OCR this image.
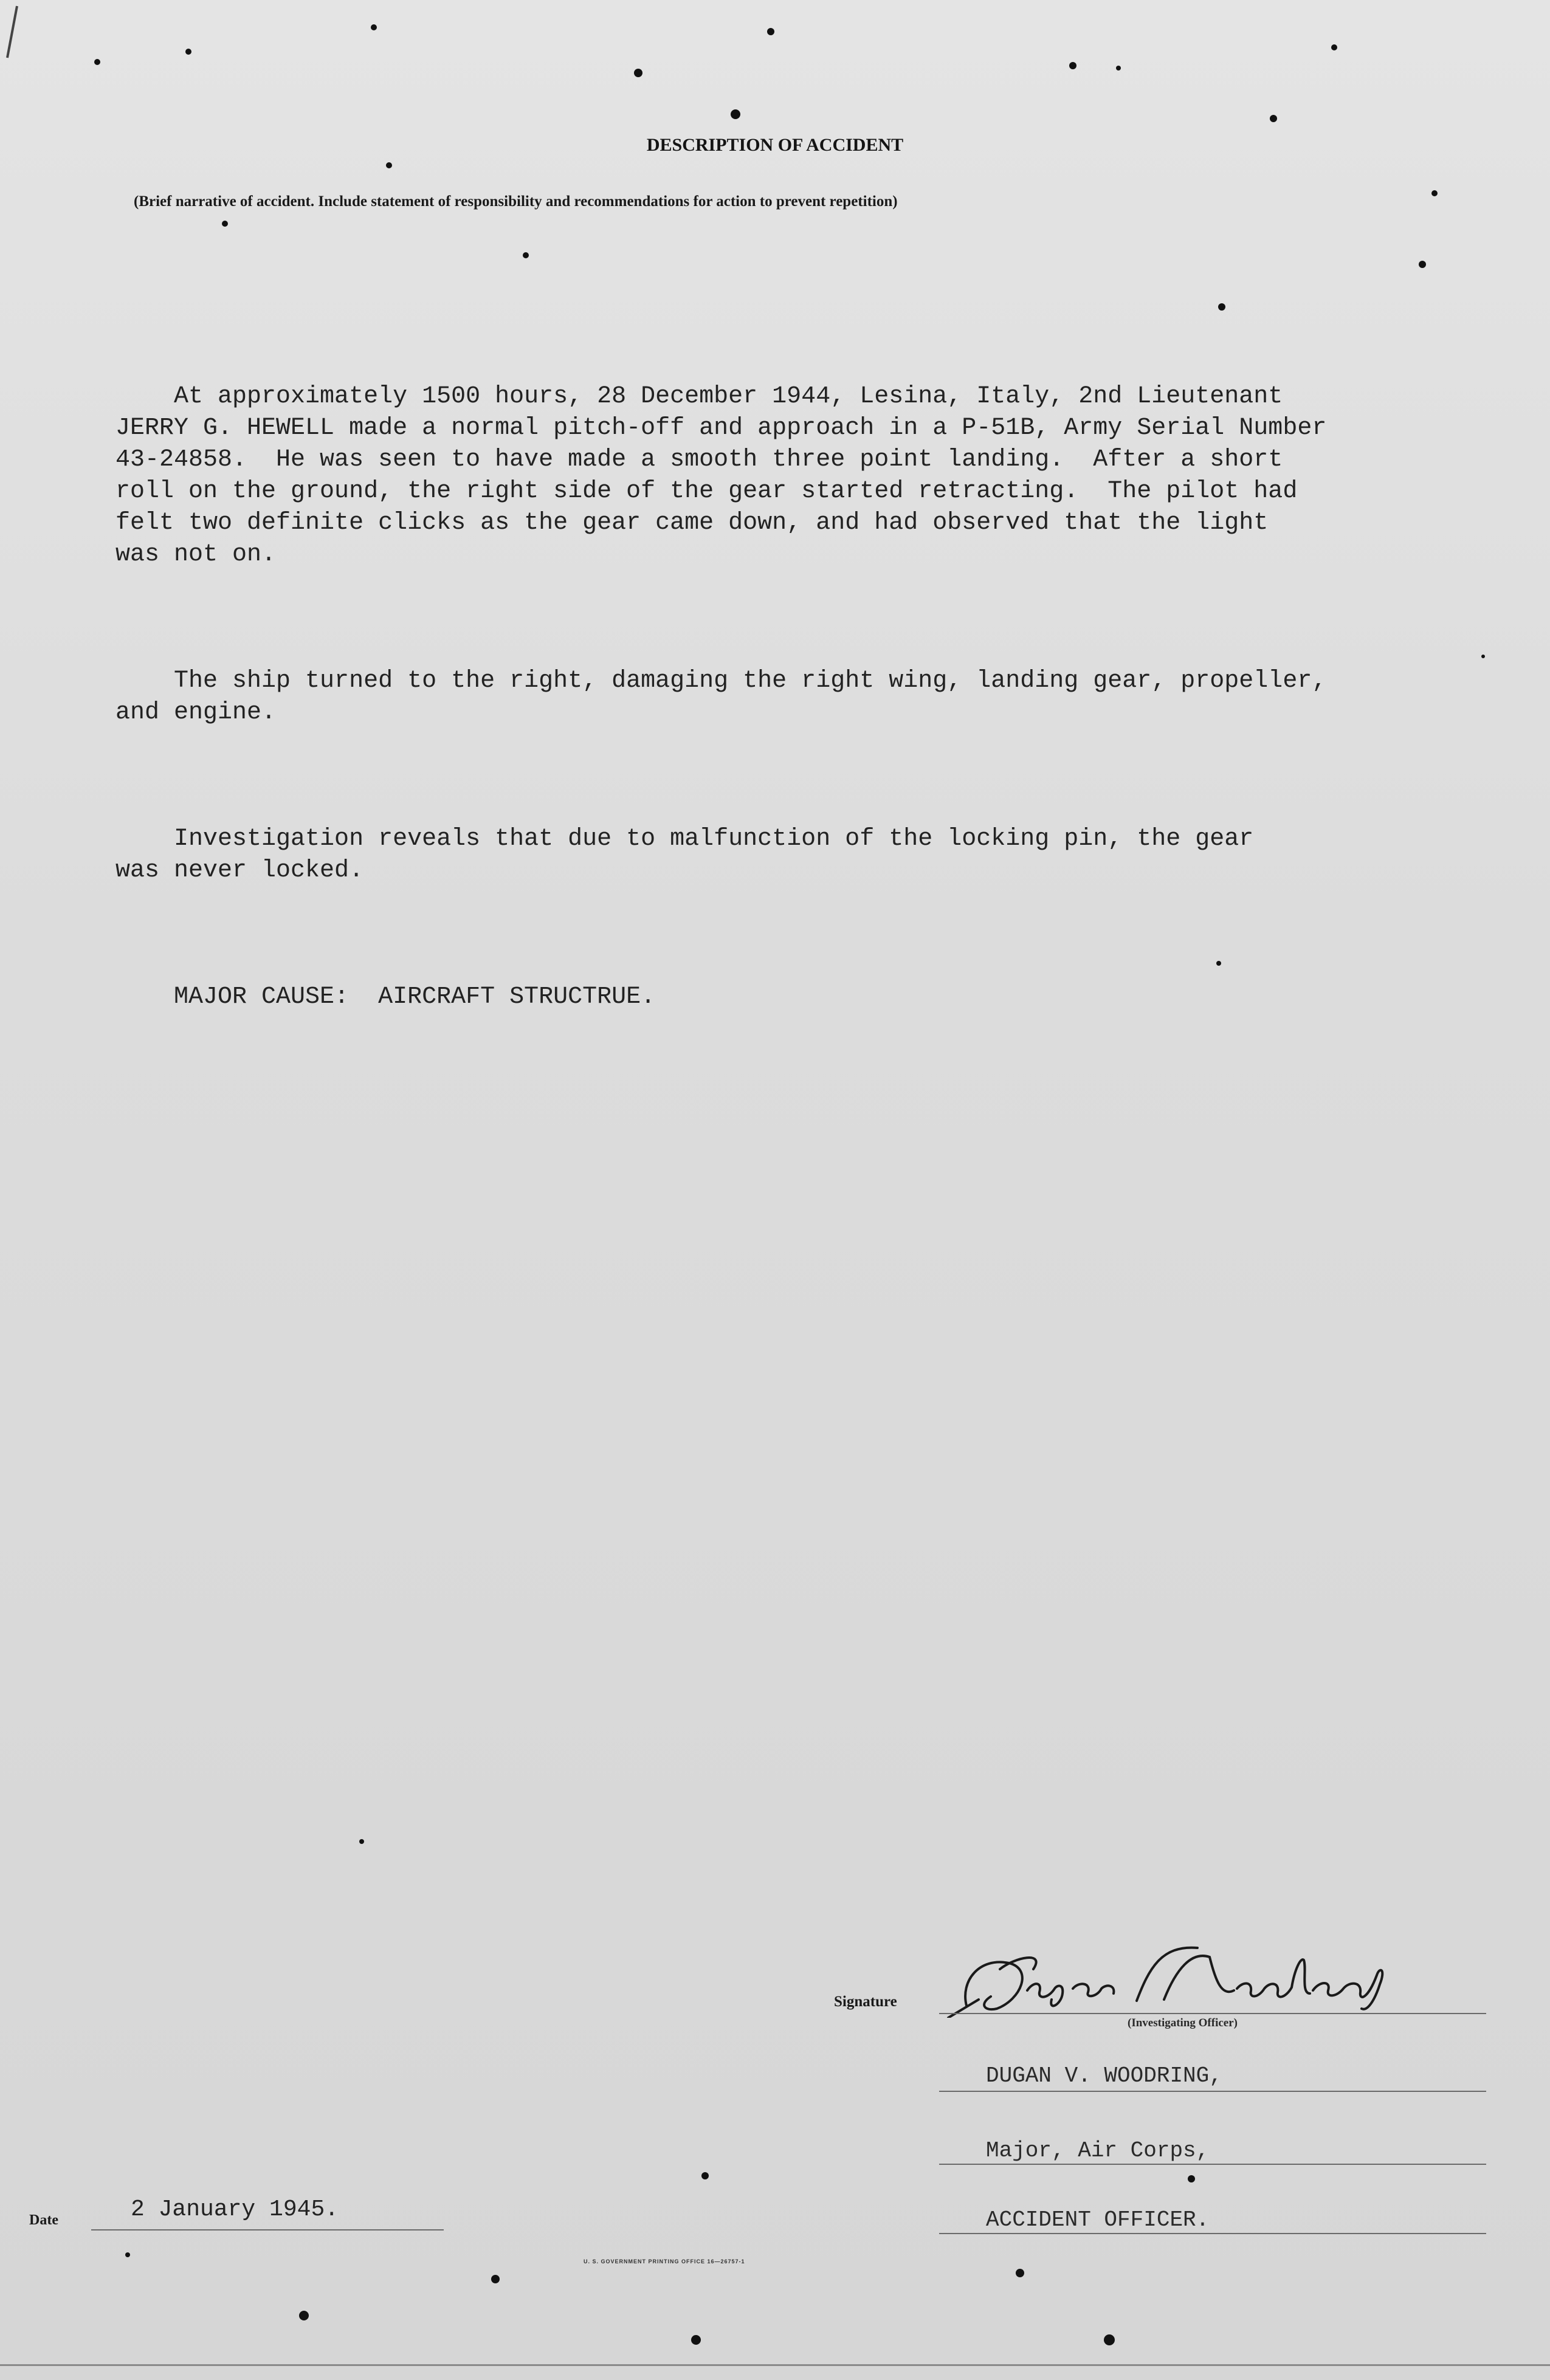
DESCRIPTION OF ACCIDENT
(Brief narrative of accident. Include statement of responsibility and recommendations for action to prevent repetition)

At approximately 1500 hours, 28 December 1944, Lesina, Italy, 2nd Lieutenant
JERRY G. HEWELL made a normal pitch-off and approach in a P-51B, Army Serial Number
43-24858.  He was seen to have made a smooth three point landing.  After a short
roll on the ground, the right side of the gear started retracting.  The pilot had
felt two definite clicks as the gear came down, and had observed that the light
was not on.

The ship turned to the right, damaging the right wing, landing gear, propeller,
and engine.

Investigation reveals that due to malfunction of the locking pin, the gear
was never locked.

MAJOR CAUSE:  AIRCRAFT STRUCTRUE.

Signature
(Investigating Officer)
DUGAN V. WOODRING,
Major, Air Corps,
ACCIDENT OFFICER.
Date	2 January 1945.
U. S. GOVERNMENT PRINTING OFFICE 16—26757-1
